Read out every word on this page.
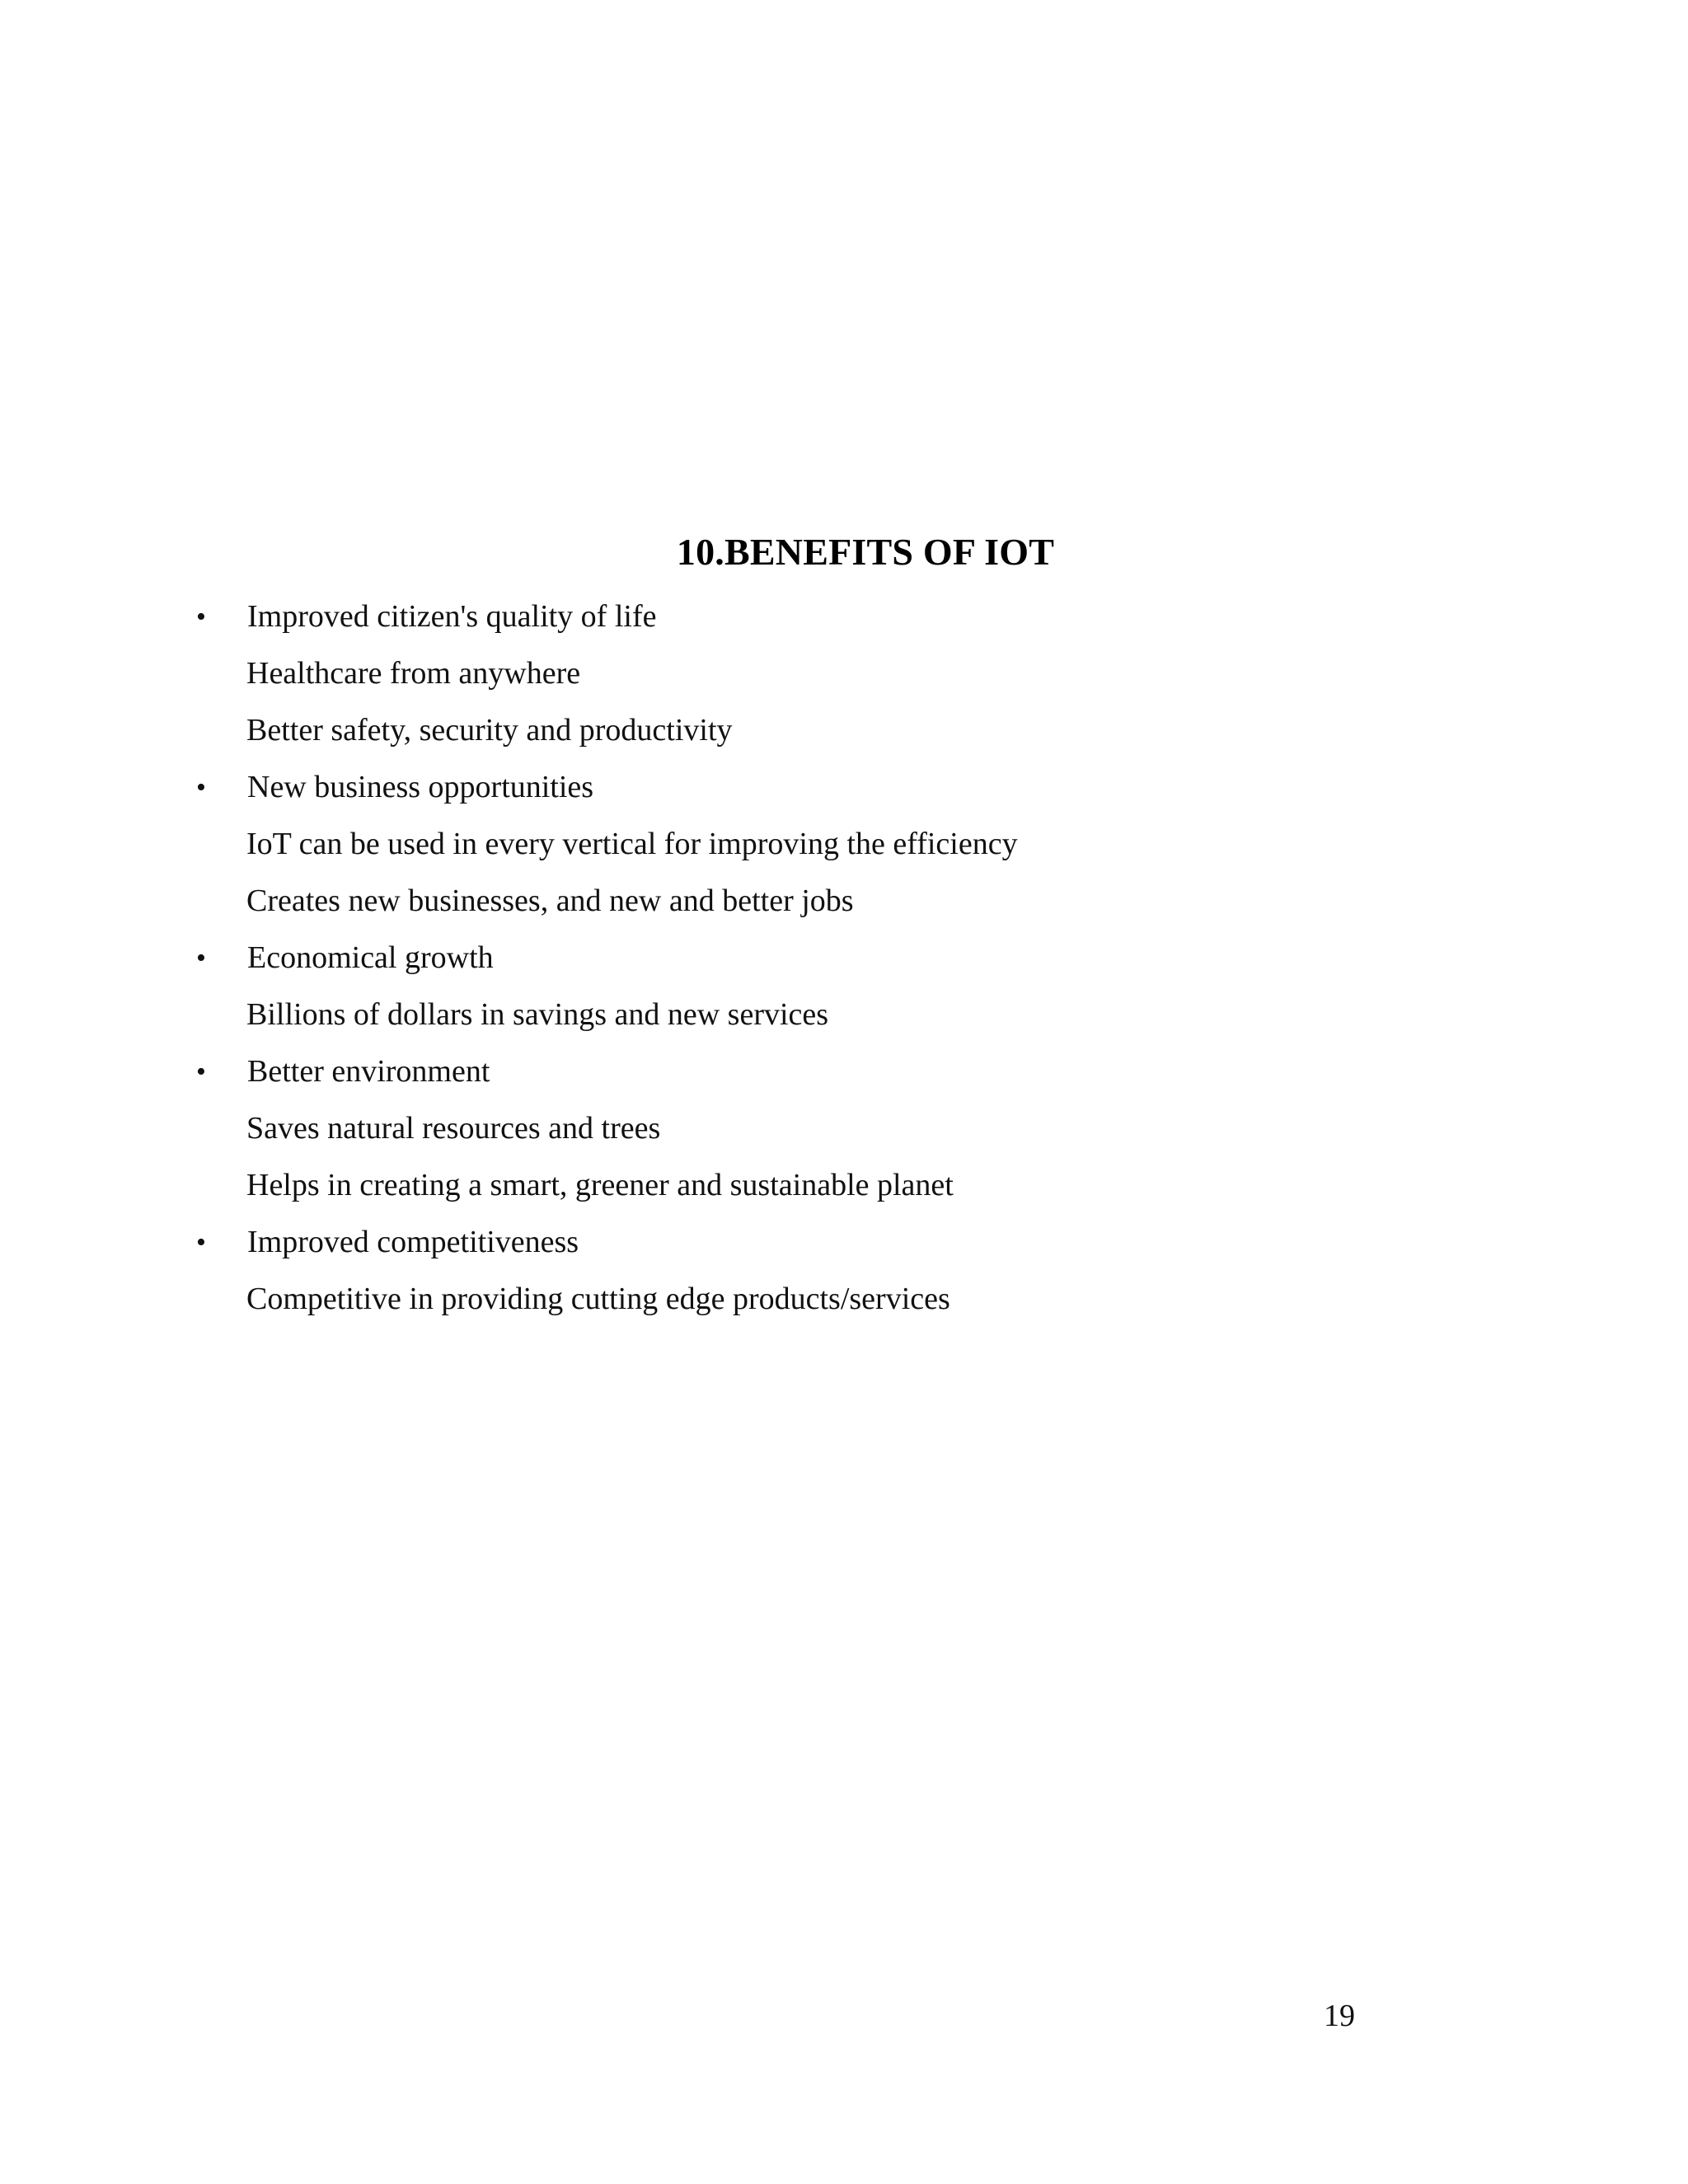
10.BENEFITS OF IOT
• Improved citizen's quality of life
Healthcare from anywhere
Better safety, security and productivity
• New business opportunities
IoT can be used in every vertical for improving the efficiency
Creates new businesses, and new and better jobs
• Economical growth
Billions of dollars in savings and new services
• Better environment
Saves natural resources and trees
Helps in creating a smart, greener and sustainable planet
• Improved competitiveness
Competitive in providing cutting edge products/services
19
